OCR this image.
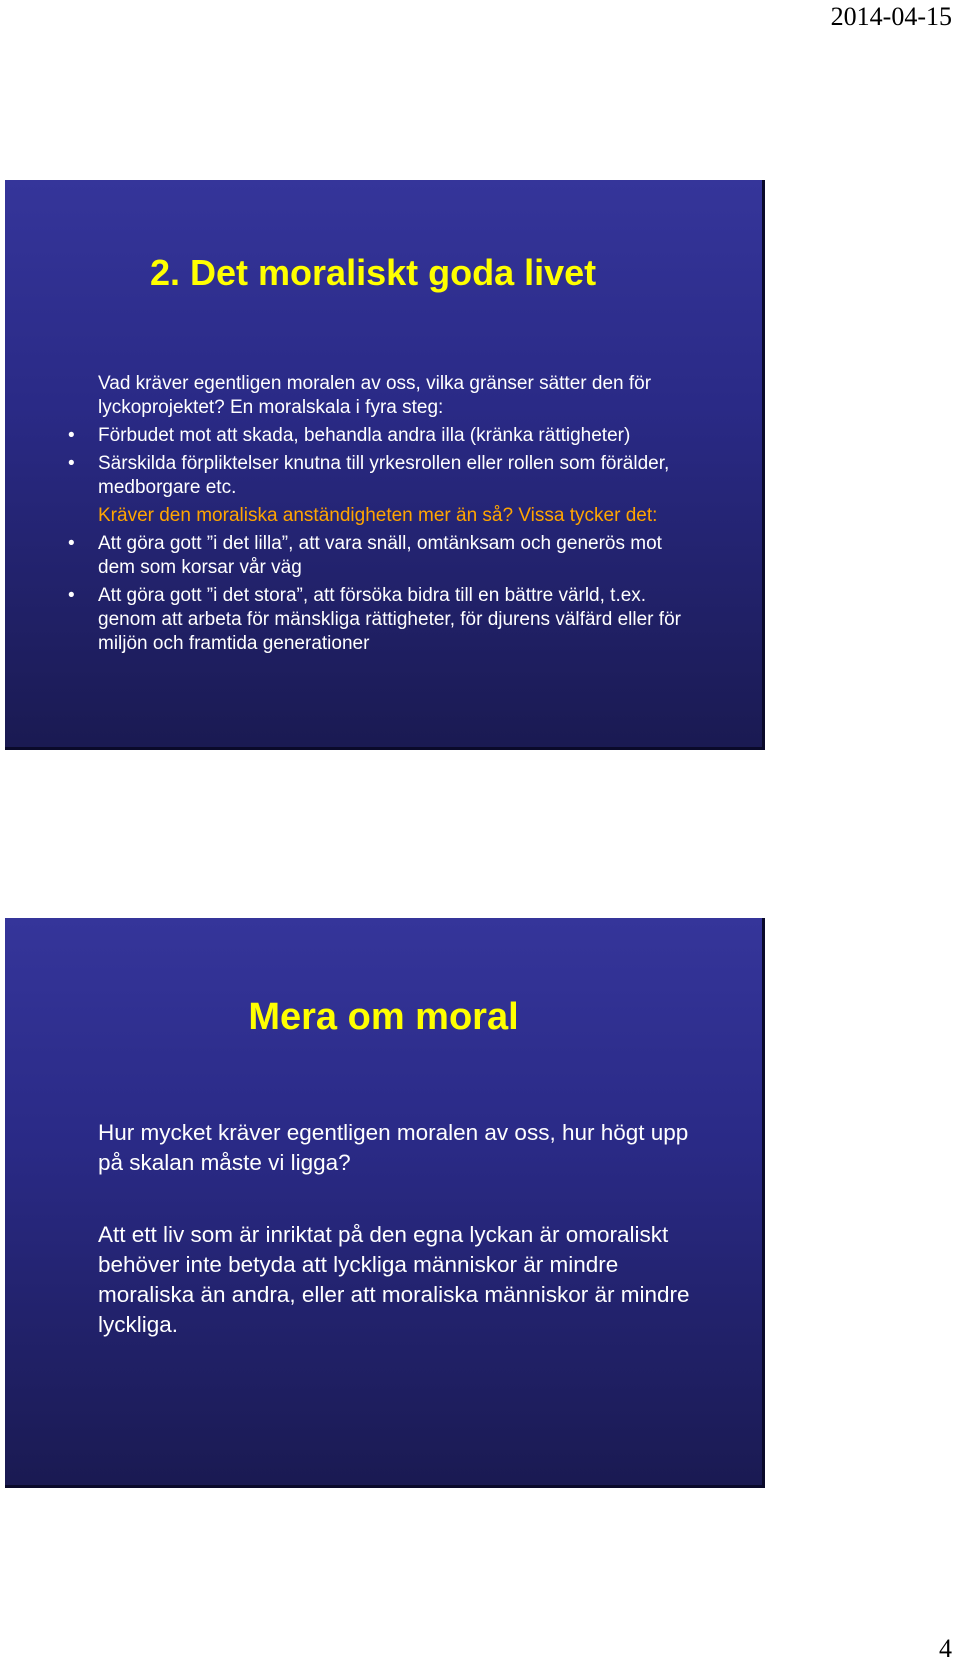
2014-04-15
2. Det moraliskt goda livet
Vad kräver egentligen moralen av oss, vilka gränser sätter den för lyckoprojektet? En moralskala i fyra steg:
• Förbudet mot att skada, behandla andra illa (kränka rättigheter)
• Särskilda förpliktelser knutna till yrkesrollen eller rollen som förälder, medborgare etc.
Kräver den moraliska anständigheten mer än så? Vissa tycker det:
• Att göra gott ”i det lilla”, att vara snäll, omtänksam och generös mot dem som korsar vår väg
• Att göra gott ”i det stora”, att försöka bidra till en bättre värld, t.ex. genom att arbeta för mänskliga rättigheter, för djurens välfärd eller för miljön och framtida generationer
Mera om moral

Hur mycket kräver egentligen moralen av oss, hur högt upp på skalan måste vi ligga?

Att ett liv som är inriktat på den egna lyckan är omoraliskt behöver inte betyda att lyckliga människor är mindre moraliska än andra, eller att moraliska människor är mindre lyckliga.

4
